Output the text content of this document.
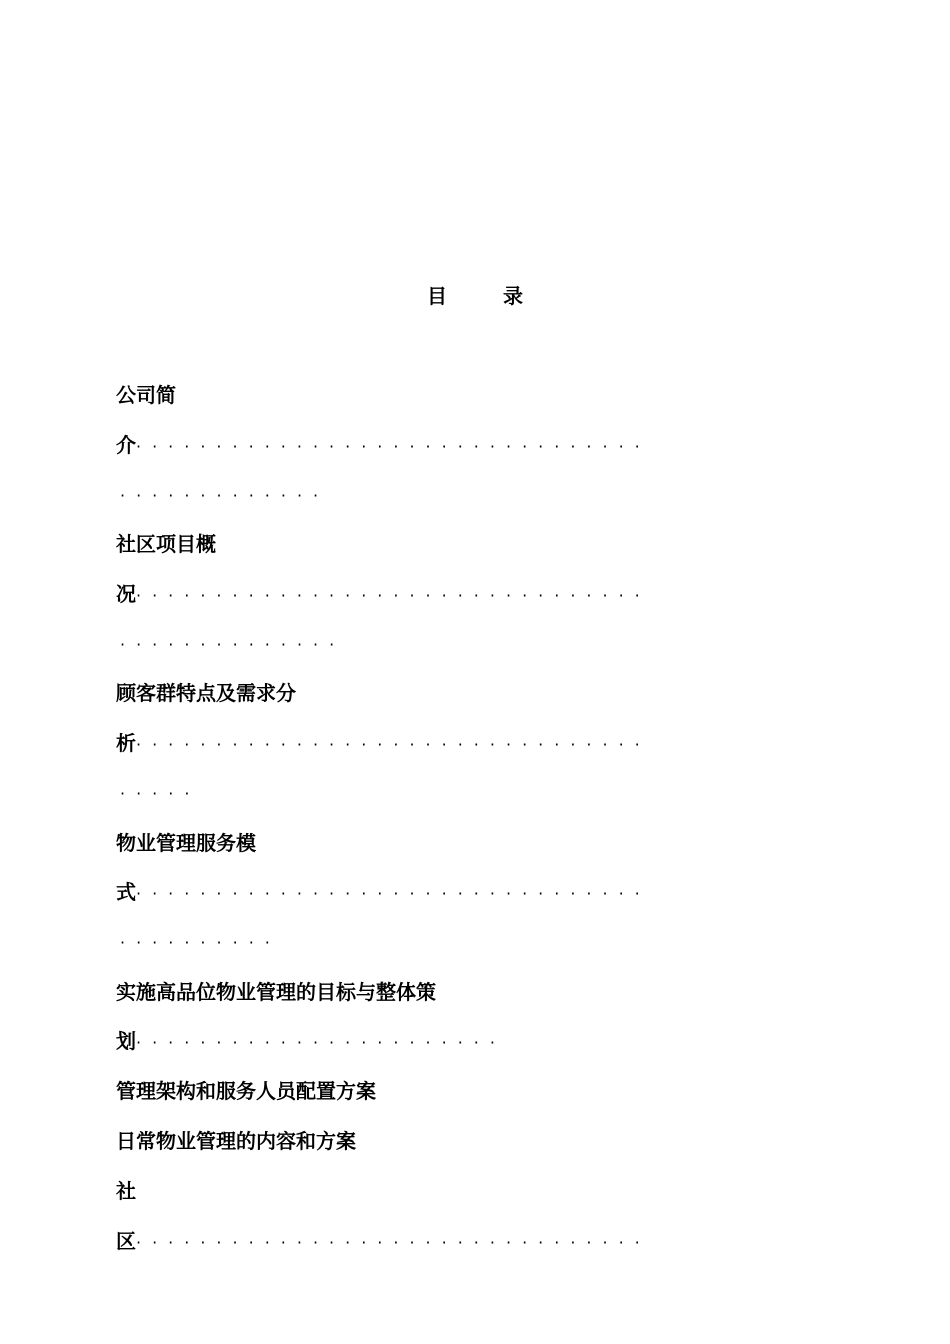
目	录
公司简
介································
·············
社区项目概
况································
··············
顾客群特点及需求分
析································
·····
物业管理服务模
式································
··········
实施高品位物业管理的目标与整体策
划·······················
管理架构和服务人员配置方案
日常物业管理的内容和方案
社
区································
